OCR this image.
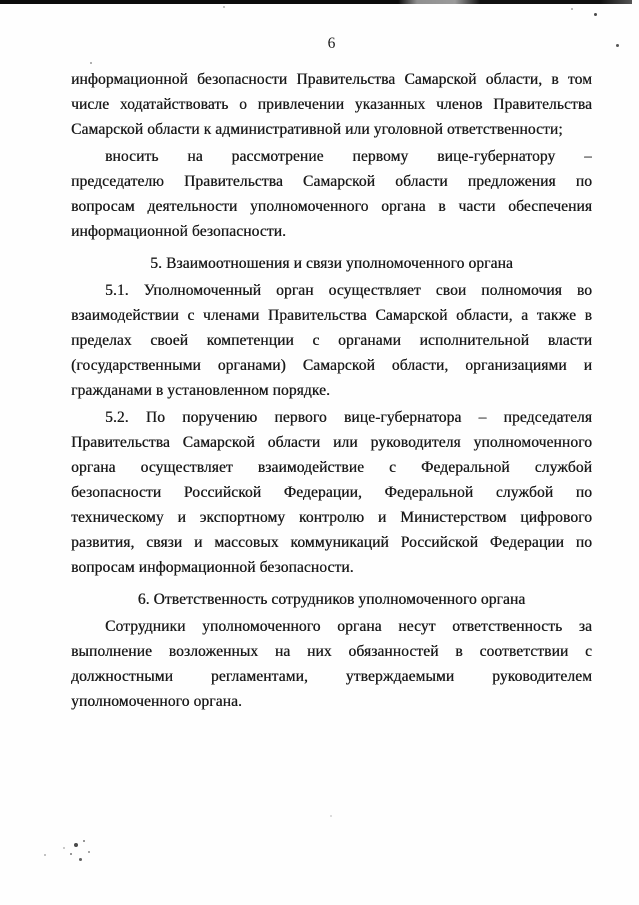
6
информационной безопасности Правительства Самарской области, в том
числе ходатайствовать о привлечении указанных членов Правительства
Самарской области к административной или уголовной ответственности;
вносить на рассмотрение первому вице-губернатору –
председателю Правительства Самарской области предложения по
вопросам деятельности уполномоченного органа в части обеспечения
информационной безопасности.
5. Взаимоотношения и связи уполномоченного органа
5.1. Уполномоченный орган осуществляет свои полномочия во
взаимодействии с членами Правительства Самарской области, а также в
пределах своей компетенции с органами исполнительной власти
(государственными органами) Самарской области, организациями и
гражданами в установленном порядке.
5.2. По поручению первого вице-губернатора – председателя
Правительства Самарской области или руководителя уполномоченного
органа осуществляет взаимодействие с Федеральной службой
безопасности Российской Федерации, Федеральной службой по
техническому и экспортному контролю и Министерством цифрового
развития, связи и массовых коммуникаций Российской Федерации по
вопросам информационной безопасности.
6. Ответственность сотрудников уполномоченного органа
Сотрудники уполномоченного органа несут ответственность за
выполнение возложенных на них обязанностей в соответствии с
должностными регламентами, утверждаемыми руководителем
уполномоченного органа.
